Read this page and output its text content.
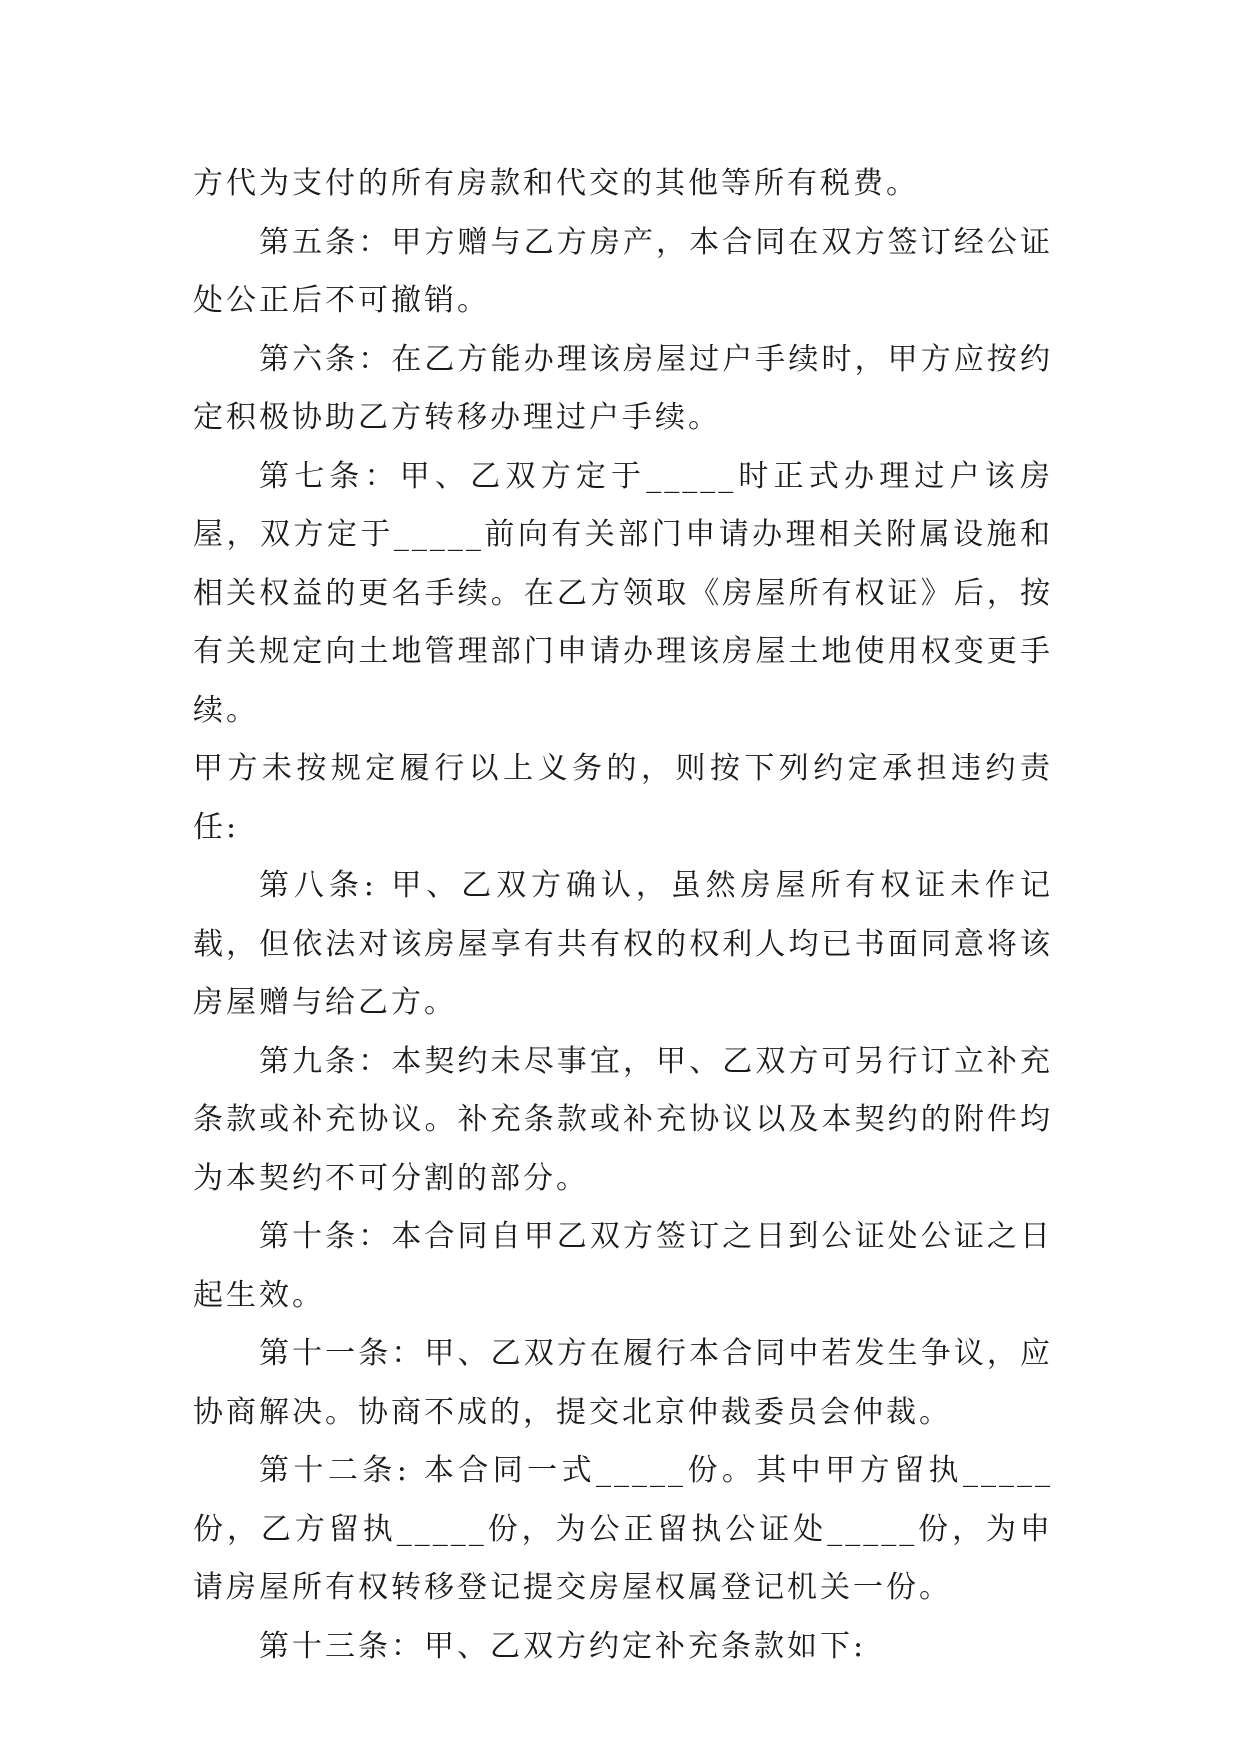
方代为支付的所有房款和代交的其他等所有税费。

第五条：甲方赠与乙方房产，本合同在双方签订经公证处公正后不可撤销。

第六条：在乙方能办理该房屋过户手续时，甲方应按约定积极协助乙方转移办理过户手续。

第七条：甲、乙双方定于_____时正式办理过户该房屋，双方定于_____前向有关部门申请办理相关附属设施和相关权益的更名手续。在乙方领取《房屋所有权证》后，按有关规定向土地管理部门申请办理该房屋土地使用权变更手续。

甲方未按规定履行以上义务的，则按下列约定承担违约责任:

第八条: 甲、乙双方确认，虽然房屋所有权证未作记载，但依法对该房屋享有共有权的权利人均已书面同意将该房屋赠与给乙方。

第九条：本契约未尽事宜，甲、乙双方可另行订立补充条款或补充协议。补充条款或补充协议以及本契约的附件均为本契约不可分割的部分。

第十条：本合同自甲乙双方签订之日到公证处公证之日起生效。

第十一条：甲、乙双方在履行本合同中若发生争议，应协商解决。协商不成的，提交北京仲裁委员会仲裁。

第十二条: 本合同一式_____份。其中甲方留执_____份，乙方留执_____份，为公正留执公证处_____份，为申请房屋所有权转移登记提交房屋权属登记机关一份。

第十三条：甲、乙双方约定补充条款如下:
